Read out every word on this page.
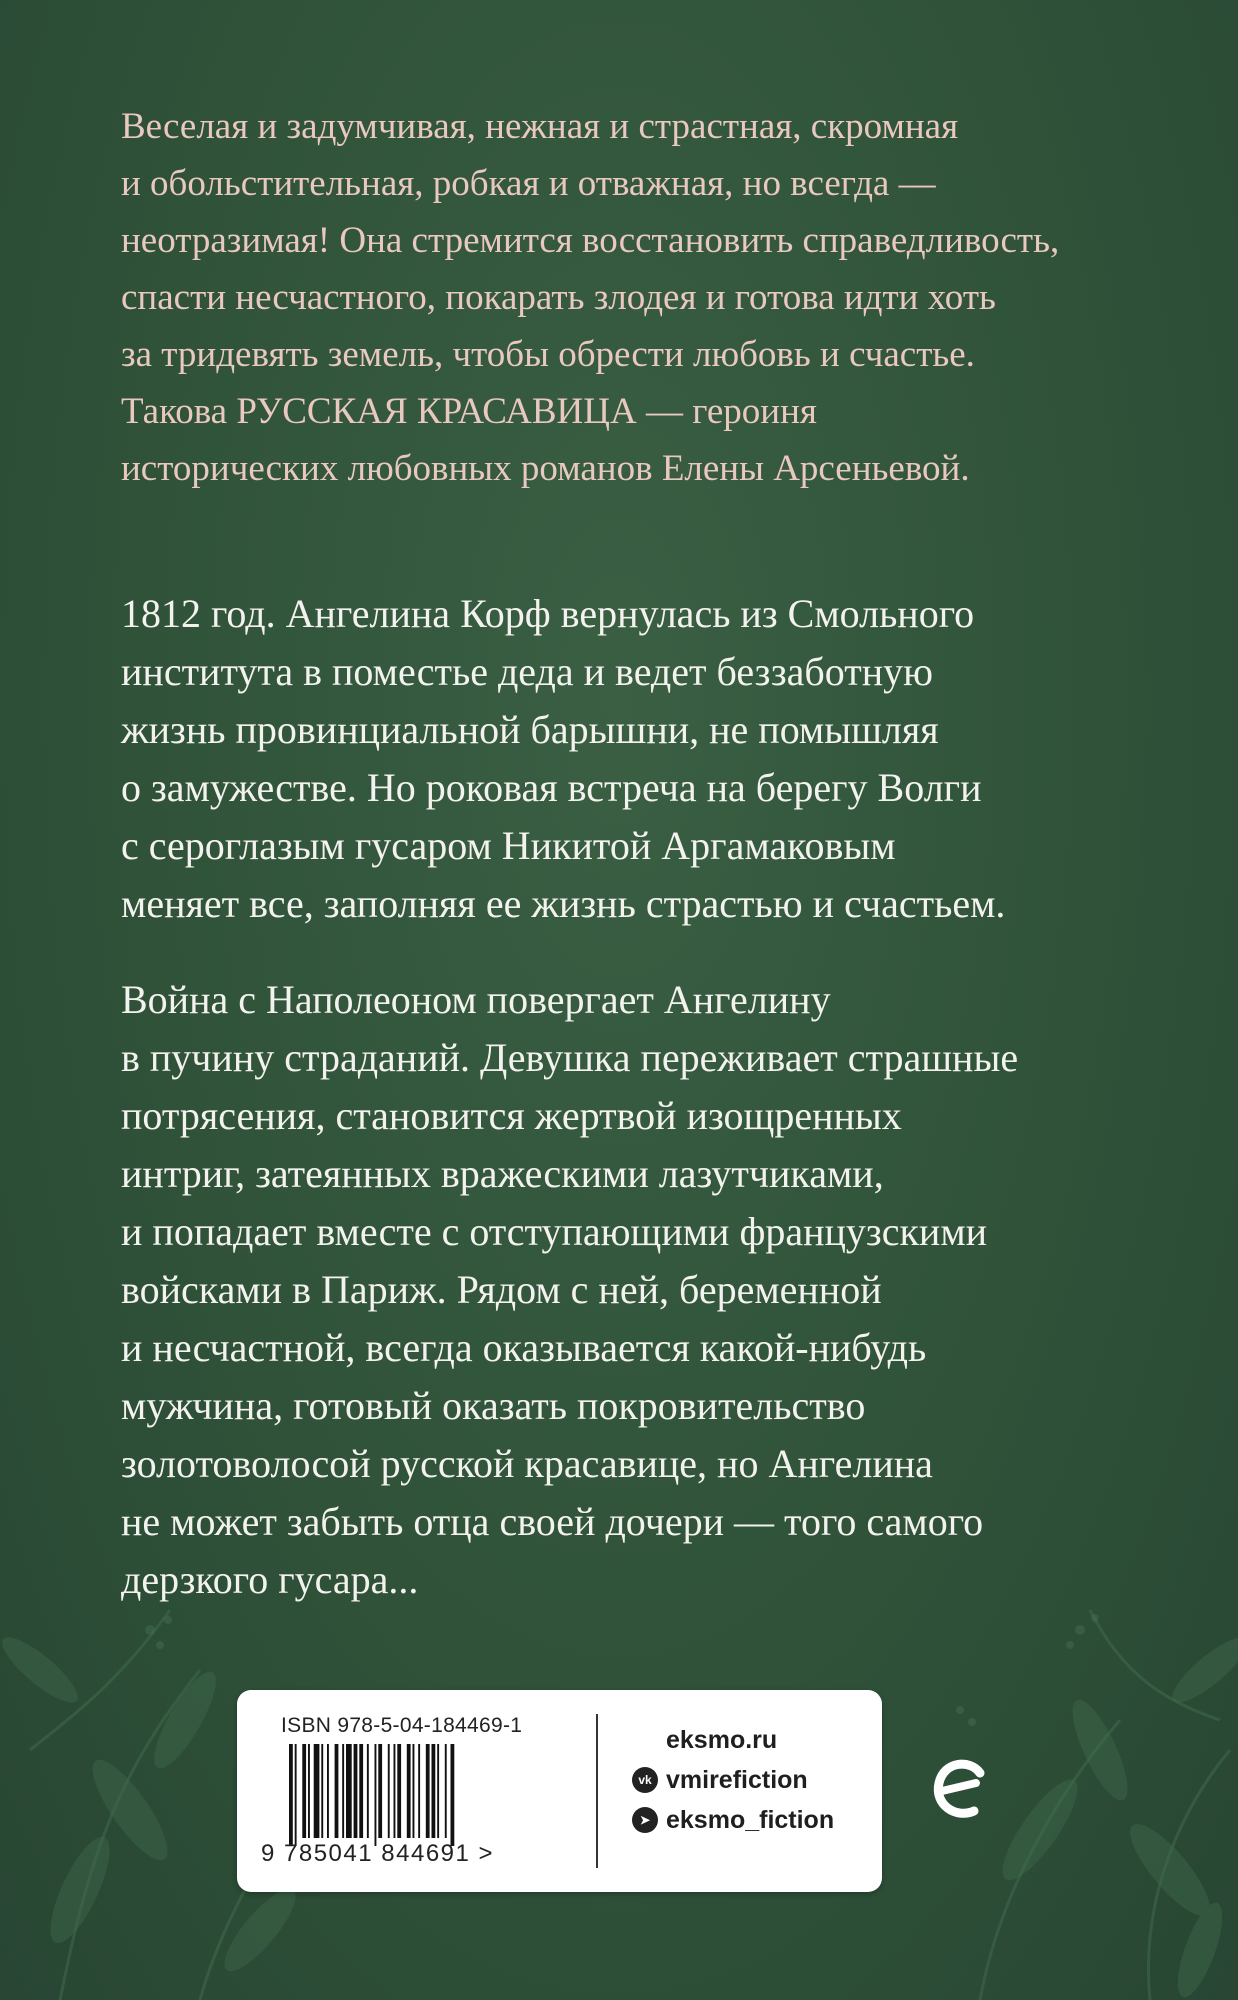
Веселая и задумчивая, нежная и страстная, скромная
и обольстительная, робкая и отважная, но всегда —
неотразимая! Она стремится восстановить справедливость,
спасти несчастного, покарать злодея и готова идти хоть
за тридевять земель, чтобы обрести любовь и счастье.
Такова РУССКАЯ КРАСАВИЦА — героиня
исторических любовных романов Елены Арсеньевой.

1812 год. Ангелина Корф вернулась из Смольного
института в поместье деда и ведет беззаботную
жизнь провинциальной барышни, не помышляя
о замужестве. Но роковая встреча на берегу Волги
с сероглазым гусаром Никитой Аргамаковым
меняет все, заполняя ее жизнь страстью и счастьем.

Война с Наполеоном повергает Ангелину
в пучину страданий. Девушка переживает страшные
потрясения, становится жертвой изощренных
интриг, затеянных вражескими лазутчиками,
и попадает вместе с отступающими французскими
войсками в Париж. Рядом с ней, беременной
и несчастной, всегда оказывается какой-нибудь
мужчина, готовый оказать покровительство
золотоволосой русской красавице, но Ангелина
не может забыть отца своей дочери — того самого
дерзкого гусара...

ISBN 978-5-04-184469-1
9 785041 844691 >
eksmo.ru
vk vmirefiction
➤ eksmo_fiction
